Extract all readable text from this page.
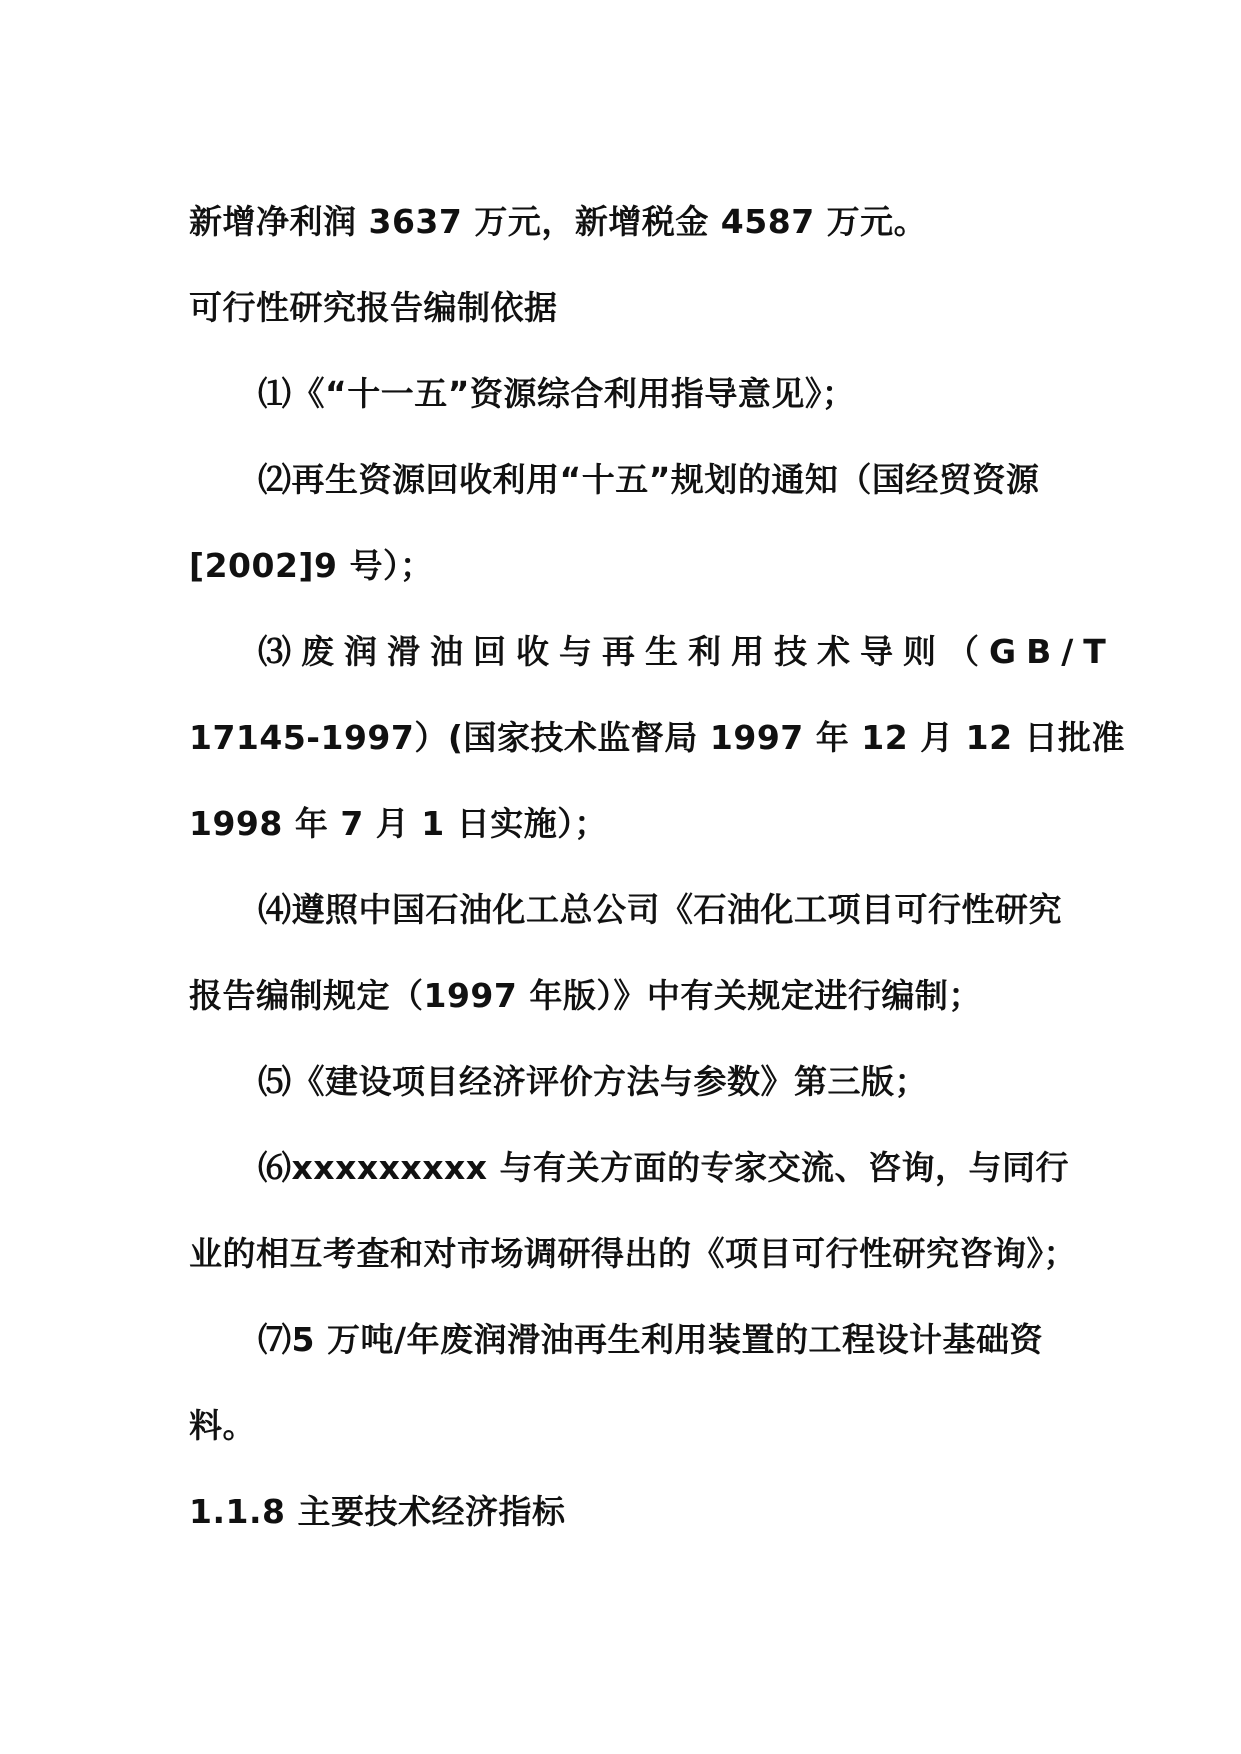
新增净利润 3637 万元，新增税金 4587 万元。
可行性研究报告编制依据
⑴《“十一五”资源综合利用指导意见》；
⑵再生资源回收利用“十五”规划的通知（国经贸资源
[2002]9 号）；
⑶废润滑油回收与再生利用技术导则（GB/T
17145-1997）(国家技术监督局 1997 年 12 月 12 日批准
1998 年 7 月 1 日实施）；
⑷遵照中国石油化工总公司《石油化工项目可行性研究
报告编制规定（1997 年版）》中有关规定进行编制；
⑸《建设项目经济评价方法与参数》第三版；
⑹xxxxxxxxx 与有关方面的专家交流、咨询，与同行
业的相互考查和对市场调研得出的《项目可行性研究咨询》；
⑺5 万吨/年废润滑油再生利用装置的工程设计基础资
料。
1.1.8 主要技术经济指标
